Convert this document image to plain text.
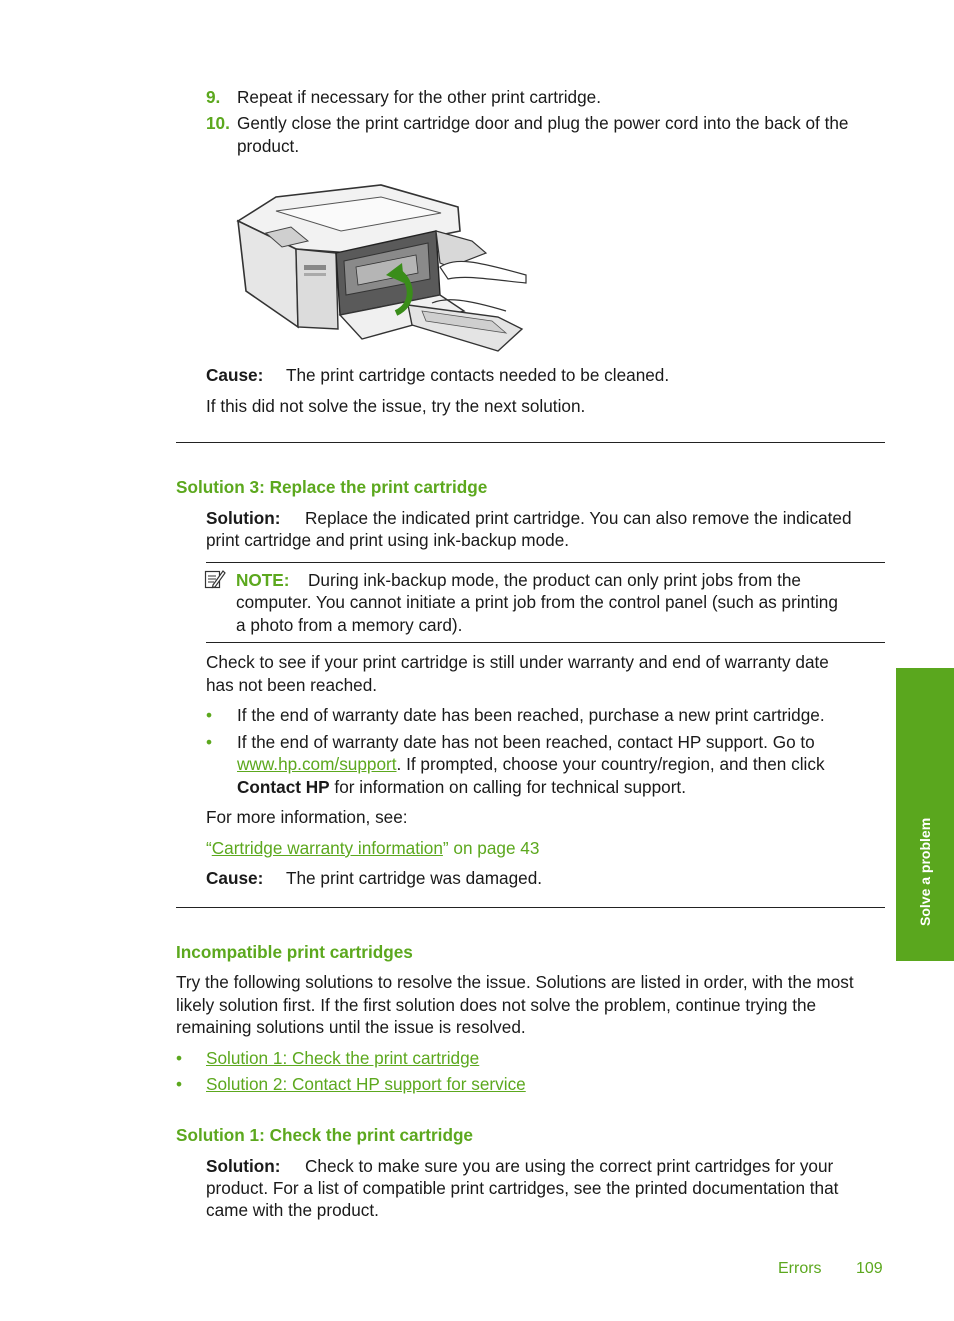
9. Repeat if necessary for the other print cartridge.
10. Gently close the print cartridge door and plug the power cord into the back of the
product.
Cause: The print cartridge contacts needed to be cleaned.
If this did not solve the issue, try the next solution.
Solution 3: Replace the print cartridge
Solution: Replace the indicated print cartridge. You can also remove the indicated
print cartridge and print using ink-backup mode.
NOTE: During ink-backup mode, the product can only print jobs from the
computer. You cannot initiate a print job from the control panel (such as printing
a photo from a memory card).
Check to see if your print cartridge is still under warranty and end of warranty date
has not been reached.
• If the end of warranty date has been reached, purchase a new print cartridge.
• If the end of warranty date has not been reached, contact HP support. Go to
www.hp.com/support. If prompted, choose your country/region, and then click
Contact HP for information on calling for technical support.
For more information, see:
“Cartridge warranty information” on page 43
Cause: The print cartridge was damaged.
Incompatible print cartridges
Try the following solutions to resolve the issue. Solutions are listed in order, with the most
likely solution first. If the first solution does not solve the problem, continue trying the
remaining solutions until the issue is resolved.
• Solution 1: Check the print cartridge
• Solution 2: Contact HP support for service
Solution 1: Check the print cartridge
Solution: Check to make sure you are using the correct print cartridges for your
product. For a list of compatible print cartridges, see the printed documentation that
came with the product.
Solve a problem
Errors 109
